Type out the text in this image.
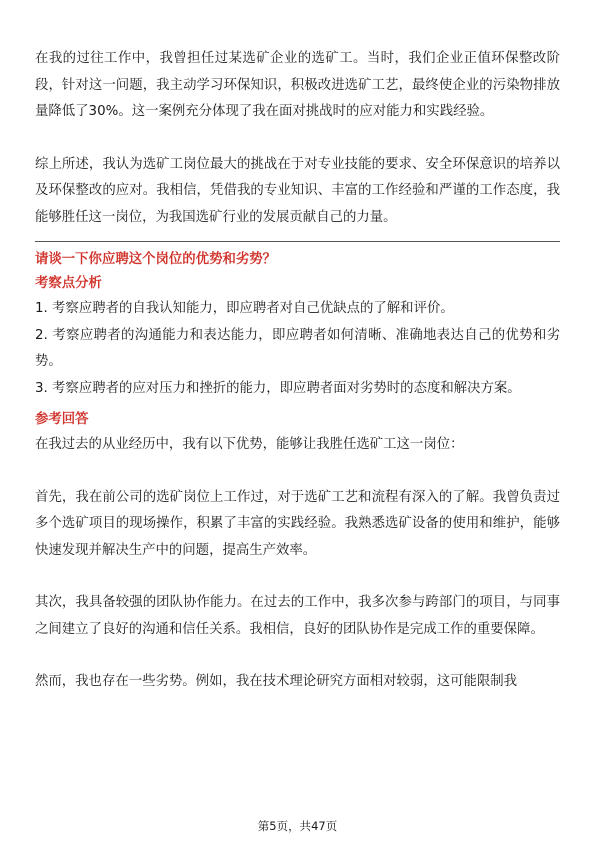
在我的过往工作中，我曾担任过某选矿企业的选矿工。当时，我们企业正值环保整改阶段，针对这一问题，我主动学习环保知识，积极改进选矿工艺，最终使企业的污染物排放量降低了30%。这一案例充分体现了我在面对挑战时的应对能力和实践经验。

综上所述，我认为选矿工岗位最大的挑战在于对专业技能的要求、安全环保意识的培养以及环保整改的应对。我相信，凭借我的专业知识、丰富的工作经验和严谨的工作态度，我能够胜任这一岗位，为我国选矿行业的发展贡献自己的力量。

请谈一下你应聘这个岗位的优势和劣势？

考察点分析

1. 考察应聘者的自我认知能力，即应聘者对自己优缺点的了解和评价。

2. 考察应聘者的沟通能力和表达能力，即应聘者如何清晰、准确地表达自己的优势和劣势。

3. 考察应聘者的应对压力和挫折的能力，即应聘者面对劣势时的态度和解决方案。

参考回答

在我过去的从业经历中，我有以下优势，能够让我胜任选矿工这一岗位：

首先，我在前公司的选矿岗位上工作过，对于选矿工艺和流程有深入的了解。我曾负责过多个选矿项目的现场操作，积累了丰富的实践经验。我熟悉选矿设备的使用和维护，能够快速发现并解决生产中的问题，提高生产效率。

其次，我具备较强的团队协作能力。在过去的工作中，我多次参与跨部门的项目，与同事之间建立了良好的沟通和信任关系。我相信，良好的团队协作是完成工作的重要保障。

然而，我也存在一些劣势。例如，我在技术理论研究方面相对较弱，这可能限制我

第5页，共47页
